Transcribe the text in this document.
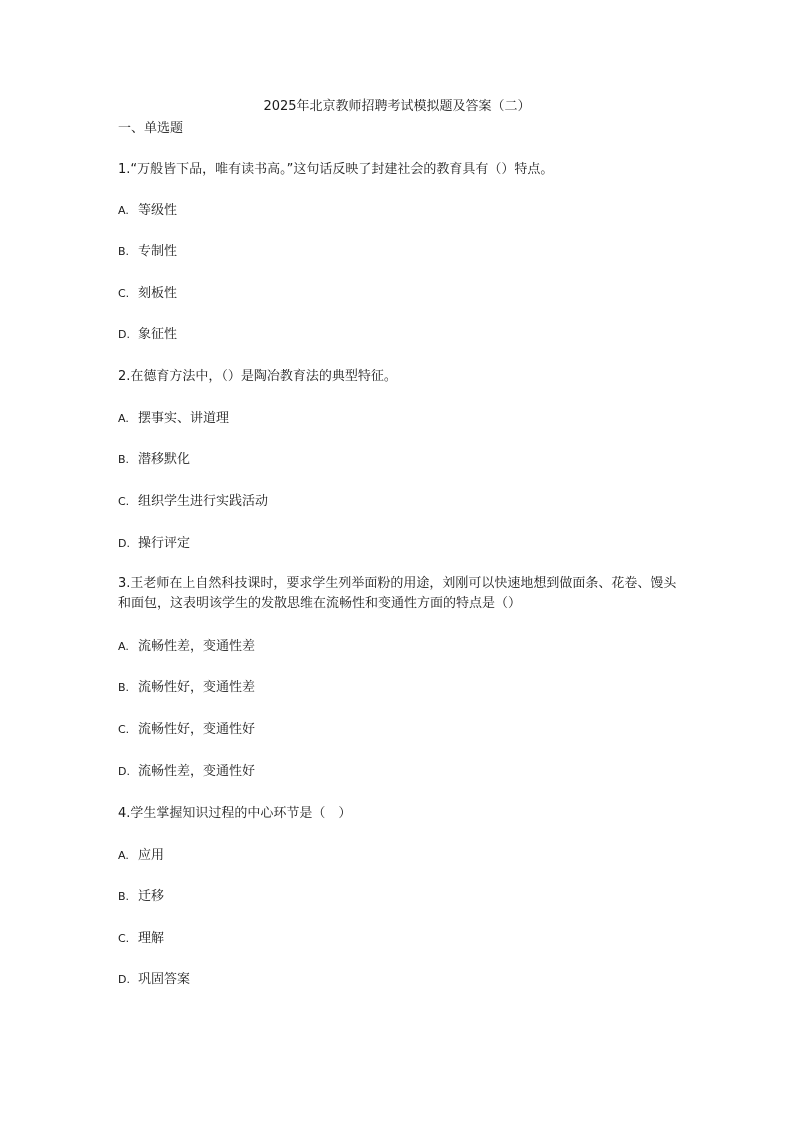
2025年北京教师招聘考试模拟题及答案（二）
一、单选题
1.“万般皆下品，唯有读书高。”这句话反映了封建社会的教育具有（）特点。
A. 等级性
B. 专制性
C. 刻板性
D. 象征性
2.在德育方法中，（）是陶冶教育法的典型特征。
A. 摆事实、讲道理
B. 潜移默化
C. 组织学生进行实践活动
D. 操行评定
3.王老师在上自然科技课时，要求学生列举面粉的用途，刘刚可以快速地想到做面条、花卷、馒头和面包，这表明该学生的发散思维在流畅性和变通性方面的特点是（）
A. 流畅性差，变通性差
B. 流畅性好，变通性差
C. 流畅性好，变通性好
D. 流畅性差，变通性好
4.学生掌握知识过程的中心环节是（　）
A. 应用
B. 迁移
C. 理解
D. 巩固答案
